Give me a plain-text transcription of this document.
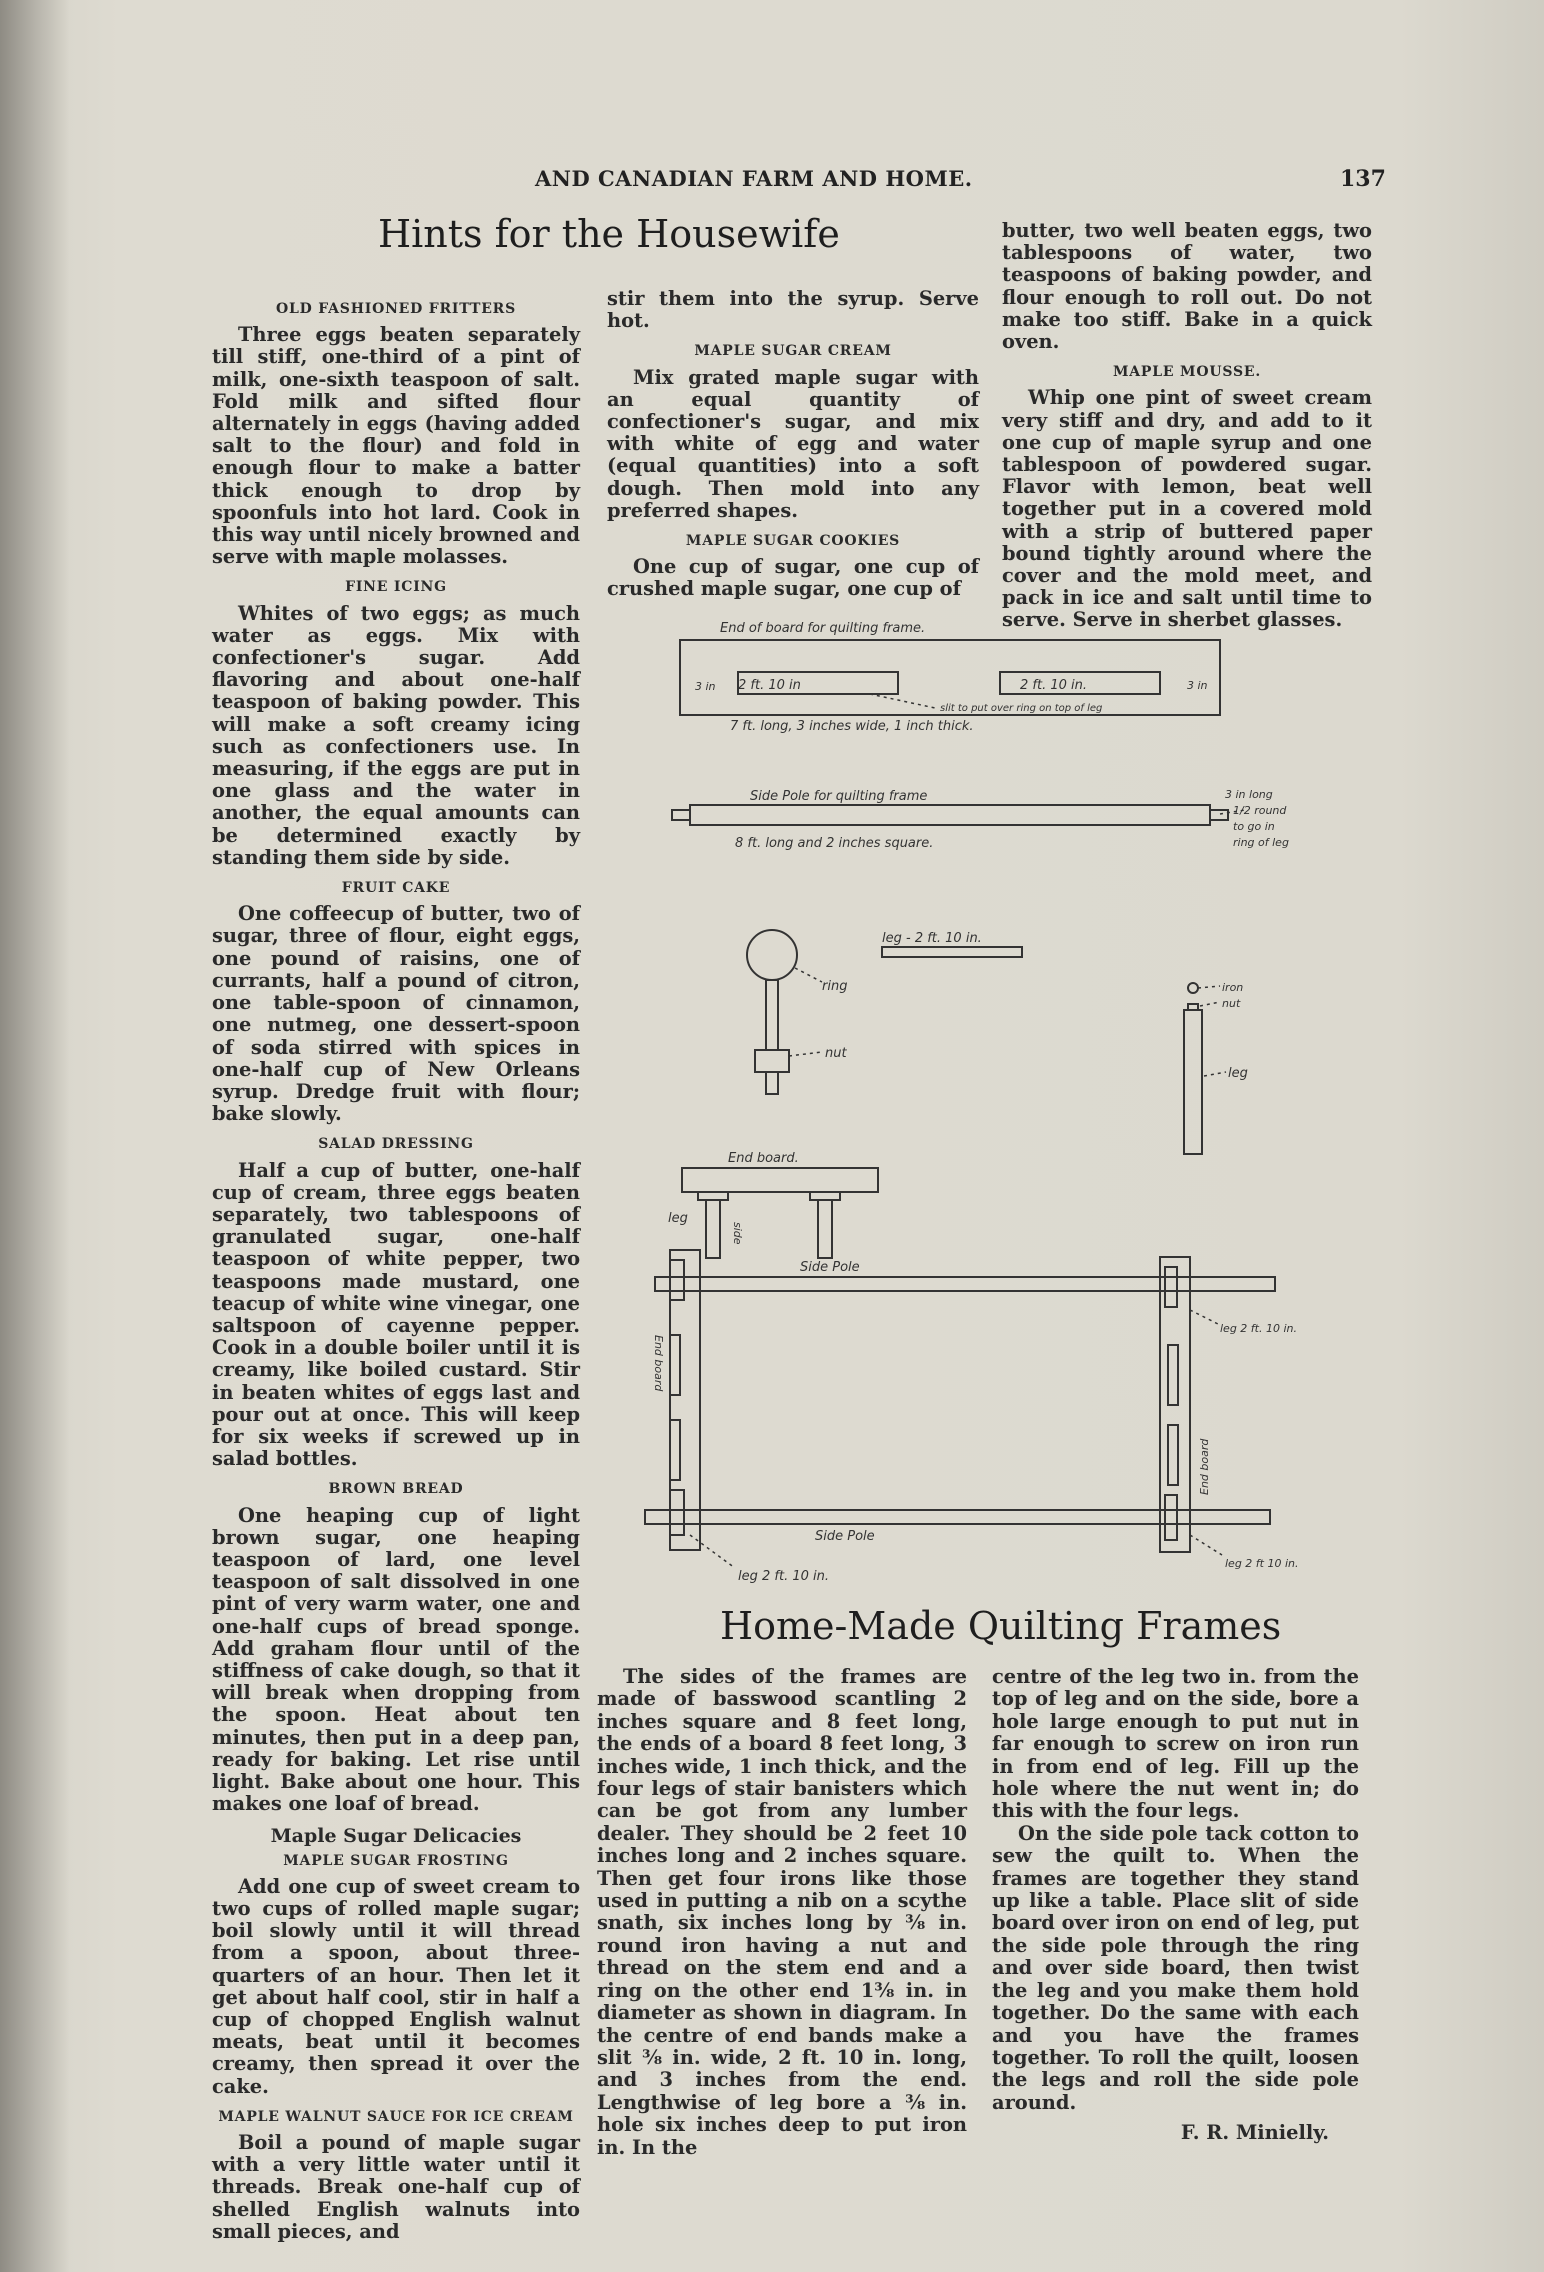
AND CANADIAN FARM AND HOME.	137
Hints for the Housewife
OLD FASHIONED FRITTERS

Three eggs beaten separately till stiff, one-third of a pint of milk, one-sixth teaspoon of salt. Fold milk and sifted flour alternately in eggs (having added salt to the flour) and fold in enough flour to make a batter thick enough to drop by spoonfuls into hot lard. Cook in this way until nicely browned and serve with maple molasses.

FINE ICING

Whites of two eggs; as much water as eggs. Mix with confectioner's sugar. Add flavoring and about one-half teaspoon of baking powder. This will make a soft creamy icing such as confectioners use. In measuring, if the eggs are put in one glass and the water in another, the equal amounts can be determined exactly by standing them side by side.

FRUIT CAKE

One coffeecup of butter, two of sugar, three of flour, eight eggs, one pound of raisins, one of currants, half a pound of citron, one table-spoon of cinnamon, one nutmeg, one dessert-spoon of soda stirred with spices in one-half cup of New Orleans syrup. Dredge fruit with flour; bake slowly.

SALAD DRESSING

Half a cup of butter, one-half cup of cream, three eggs beaten separately, two tablespoons of granulated sugar, one-half teaspoon of white pepper, two teaspoons made mustard, one teacup of white wine vinegar, one saltspoon of cayenne pepper. Cook in a double boiler until it is creamy, like boiled custard. Stir in beaten whites of eggs last and pour out at once. This will keep for six weeks if screwed up in salad bottles.

BROWN BREAD

One heaping cup of light brown sugar, one heaping teaspoon of lard, one level teaspoon of salt dissolved in one pint of very warm water, one and one-half cups of bread sponge. Add graham flour until of the stiffness of cake dough, so that it will break when dropping from the spoon. Heat about ten minutes, then put in a deep pan, ready for baking. Let rise until light. Bake about one hour. This makes one loaf of bread.

Maple Sugar Delicacies
MAPLE SUGAR FROSTING

Add one cup of sweet cream to two cups of rolled maple sugar; boil slowly until it will thread from a spoon, about three-quarters of an hour. Then let it get about half cool, stir in half a cup of chopped English walnut meats, beat until it becomes creamy, then spread it over the cake.

MAPLE WALNUT SAUCE FOR ICE CREAM

Boil a pound of maple sugar with a very little water until it threads. Break one-half cup of shelled English walnuts into small pieces, and

stir them into the syrup. Serve hot.

MAPLE SUGAR CREAM

Mix grated maple sugar with an equal quantity of confectioner's sugar, and mix with white of egg and water (equal quantities) into a soft dough. Then mold into any preferred shapes.

MAPLE SUGAR COOKIES

One cup of sugar, one cup of crushed maple sugar, one cup of

butter, two well beaten eggs, two tablespoons of water, two teaspoons of baking powder, and flour enough to roll out. Do not make too stiff. Bake in a quick oven.

MAPLE MOUSSE.

Whip one pint of sweet cream very stiff and dry, and add to it one cup of maple syrup and one tablespoon of powdered sugar. Flavor with lemon, beat well together put in a covered mold with a strip of buttered paper bound tightly around where the cover and the mold meet, and pack in ice and salt until time to serve. Serve in sherbet glasses.

End of board for quilting frame.
3 in 2 ft. 10 in	2 ft. 10 in.	3 in
slit to put over ring on top of leg
7 ft. long, 3 inches wide, 1 inch thick.
Side Pole for quilting frame
8 ft. long and 2 inches square.
3 in long
1/2 round
to go in
ring of leg
ring
nut
leg - 2 ft. 10 in.
iron
nut
leg
End board.
leg
side
Side Pole
leg 2 ft. 10 in.
End board
End board
Side Pole
leg 2 ft. 10 in.
leg 2 ft 10 in.
Home-Made Quilting Frames

The sides of the frames are made of basswood scantling 2 inches square and 8 feet long, the ends of a board 8 feet long, 3 inches wide, 1 inch thick, and the four legs of stair banisters which can be got from any lumber dealer. They should be 2 feet 10 inches long and 2 inches square. Then get four irons like those used in putting a nib on a scythe snath, six inches long by ⅜ in. round iron having a nut and thread on the stem end and a ring on the other end 1⅜ in. in diameter as shown in diagram. In the centre of end bands make a slit ⅜ in. wide, 2 ft. 10 in. long, and 3 inches from the end. Lengthwise of leg bore a ⅜ in. hole six inches deep to put iron in. In the

centre of the leg two in. from the top of leg and on the side, bore a hole large enough to put nut in far enough to screw on iron run in from end of leg. Fill up the hole where the nut went in; do this with the four legs.

On the side pole tack cotton to sew the quilt to. When the frames are together they stand up like a table. Place slit of side board over iron on end of leg, put the side pole through the ring and over side board, then twist the leg and you make them hold together. Do the same with each and you have the frames together. To roll the quilt, loosen the legs and roll the side pole around.

F. R. Minielly.
